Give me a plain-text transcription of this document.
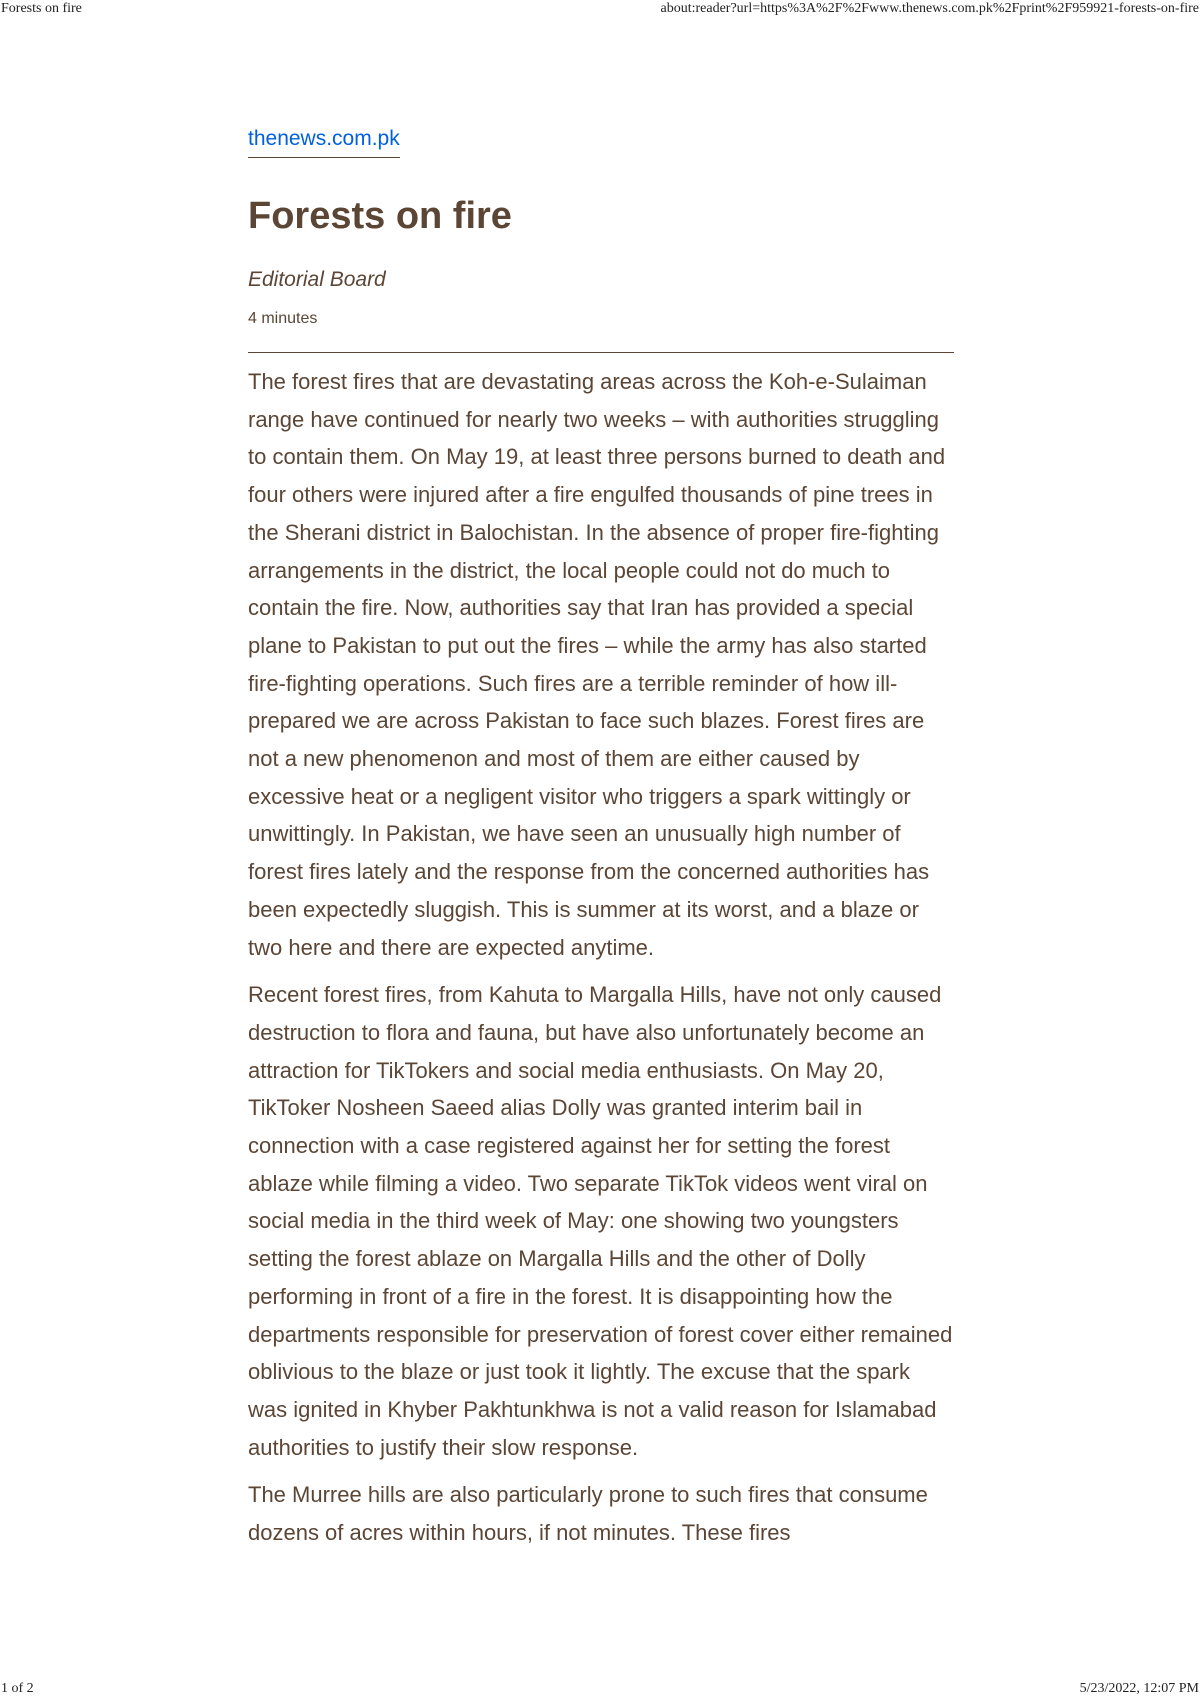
Forests on fire	about:reader?url=https%3A%2F%2Fwww.thenews.com.pk%2Fprint%2F959921-forests-on-fire
thenews.com.pk
Forests on fire
Editorial Board
4 minutes

The forest fires that are devastating areas across the Koh-e-Sulaiman range have continued for nearly two weeks – with authorities struggling to contain them. On May 19, at least three persons burned to death and four others were injured after a fire engulfed thousands of pine trees in the Sherani district in Balochistan. In the absence of proper fire-fighting arrangements in the district, the local people could not do much to contain the fire. Now, authorities say that Iran has provided a special plane to Pakistan to put out the fires – while the army has also started fire-fighting operations. Such fires are a terrible reminder of how ill-prepared we are across Pakistan to face such blazes. Forest fires are not a new phenomenon and most of them are either caused by excessive heat or a negligent visitor who triggers a spark wittingly or unwittingly. In Pakistan, we have seen an unusually high number of forest fires lately and the response from the concerned authorities has been expectedly sluggish. This is summer at its worst, and a blaze or two here and there are expected anytime.

Recent forest fires, from Kahuta to Margalla Hills, have not only caused destruction to flora and fauna, but have also unfortunately become an attraction for TikTokers and social media enthusiasts. On May 20, TikToker Nosheen Saeed alias Dolly was granted interim bail in connection with a case registered against her for setting the forest ablaze while filming a video. Two separate TikTok videos went viral on social media in the third week of May: one showing two youngsters setting the forest ablaze on Margalla Hills and the other of Dolly performing in front of a fire in the forest. It is disappointing how the departments responsible for preservation of forest cover either remained oblivious to the blaze or just took it lightly. The excuse that the spark was ignited in Khyber Pakhtunkhwa is not a valid reason for Islamabad authorities to justify their slow response.

The Murree hills are also particularly prone to such fires that consume dozens of acres within hours, if not minutes. These fires

1 of 2	5/23/2022, 12:07 PM
